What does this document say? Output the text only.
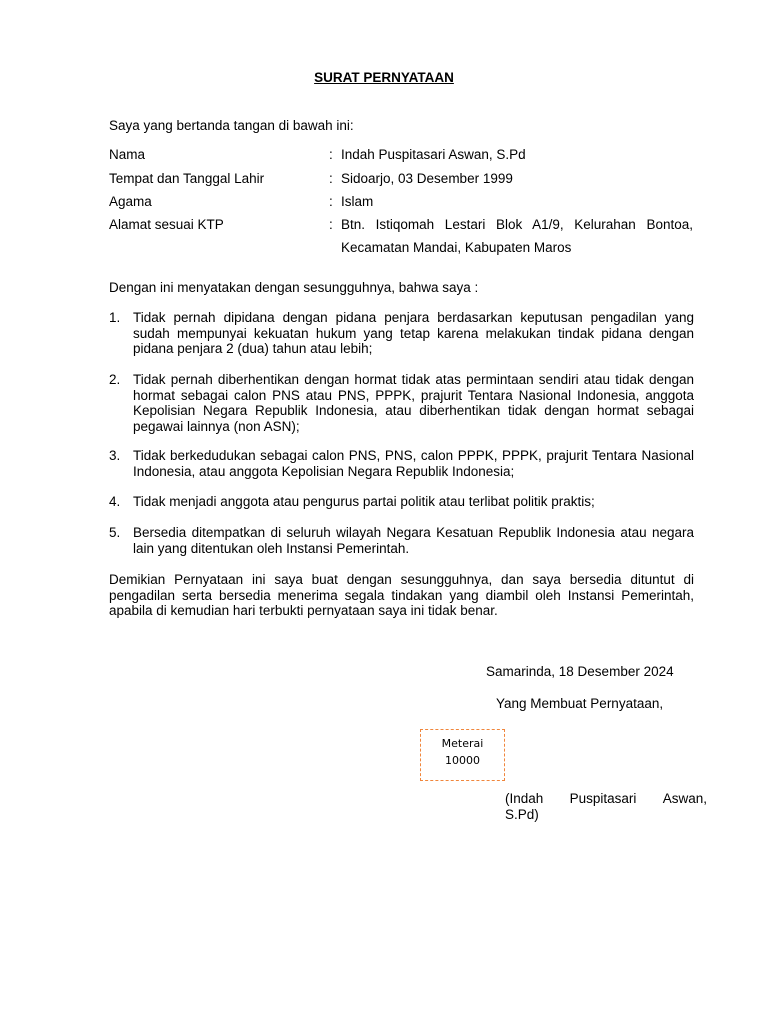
SURAT PERNYATAAN
Saya yang bertanda tangan di bawah ini:
Nama	: Indah Puspitasari Aswan, S.Pd
Tempat dan Tanggal Lahir	: Sidoarjo, 03 Desember 1999
Agama	: Islam
Alamat sesuai KTP	: Btn. Istiqomah Lestari Blok A1/9, Kelurahan Bontoa,
Kecamatan Mandai, Kabupaten Maros
Dengan ini menyatakan dengan sesungguhnya, bahwa saya :
1. Tidak pernah dipidana dengan pidana penjara berdasarkan keputusan pengadilan yang sudah mempunyai kekuatan hukum yang tetap karena melakukan tindak pidana dengan pidana penjara 2 (dua) tahun atau lebih;
2. Tidak pernah diberhentikan dengan hormat tidak atas permintaan sendiri atau tidak dengan hormat sebagai calon PNS atau PNS, PPPK, prajurit Tentara Nasional Indonesia, anggota Kepolisian Negara Republik Indonesia, atau diberhentikan tidak dengan hormat sebagai pegawai lainnya (non ASN);
3. Tidak berkedudukan sebagai calon PNS, PNS, calon PPPK, PPPK, prajurit Tentara Nasional Indonesia, atau anggota Kepolisian Negara Republik Indonesia;
4. Tidak menjadi anggota atau pengurus partai politik atau terlibat politik praktis;
5. Bersedia ditempatkan di seluruh wilayah Negara Kesatuan Republik Indonesia atau negara lain yang ditentukan oleh Instansi Pemerintah.
Demikian Pernyataan ini saya buat dengan sesungguhnya, dan saya bersedia dituntut di pengadilan serta bersedia menerima segala tindakan yang diambil oleh Instansi Pemerintah, apabila di kemudian hari terbukti pernyataan saya ini tidak benar.
Samarinda, 18 Desember 2024
Yang Membuat Pernyataan,
Meterai
10000
(Indah Puspitasari Aswan,
S.Pd)
